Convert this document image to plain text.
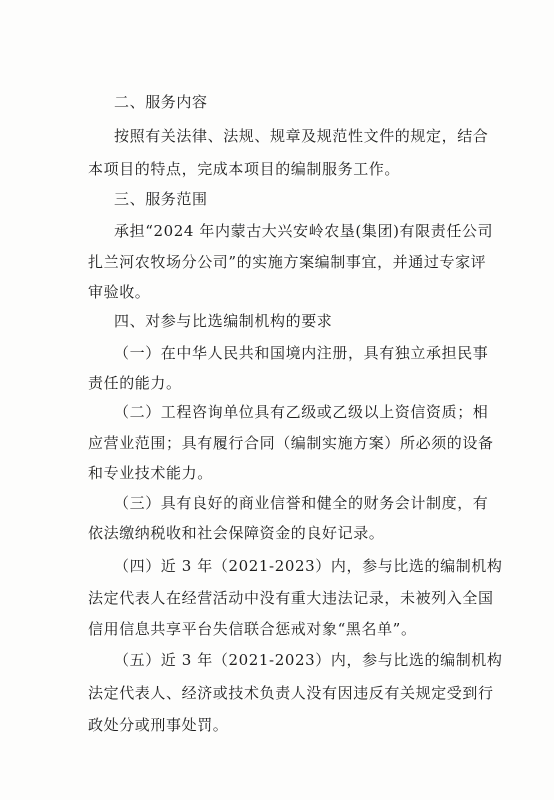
二、服务内容
按照有关法律、法规、规章及规范性文件的规定，结合
本项目的特点，完成本项目的编制服务工作。
三、服务范围
承担“2024 年内蒙古大兴安岭农垦(集团)有限责任公司
扎兰河农牧场分公司”的实施方案编制事宜，并通过专家评
审验收。
四、对参与比选编制机构的要求
（一）在中华人民共和国境内注册，具有独立承担民事
责任的能力。
（二）工程咨询单位具有乙级或乙级以上资信资质；相
应营业范围；具有履行合同（编制实施方案）所必须的设备
和专业技术能力。
（三）具有良好的商业信誉和健全的财务会计制度，有
依法缴纳税收和社会保障资金的良好记录。
（四）近 3 年（2021-2023）内，参与比选的编制机构
法定代表人在经营活动中没有重大违法记录，未被列入全国
信用信息共享平台失信联合惩戒对象“黑名单”。
（五）近 3 年（2021-2023）内，参与比选的编制机构
法定代表人、经济或技术负责人没有因违反有关规定受到行
政处分或刑事处罚。
